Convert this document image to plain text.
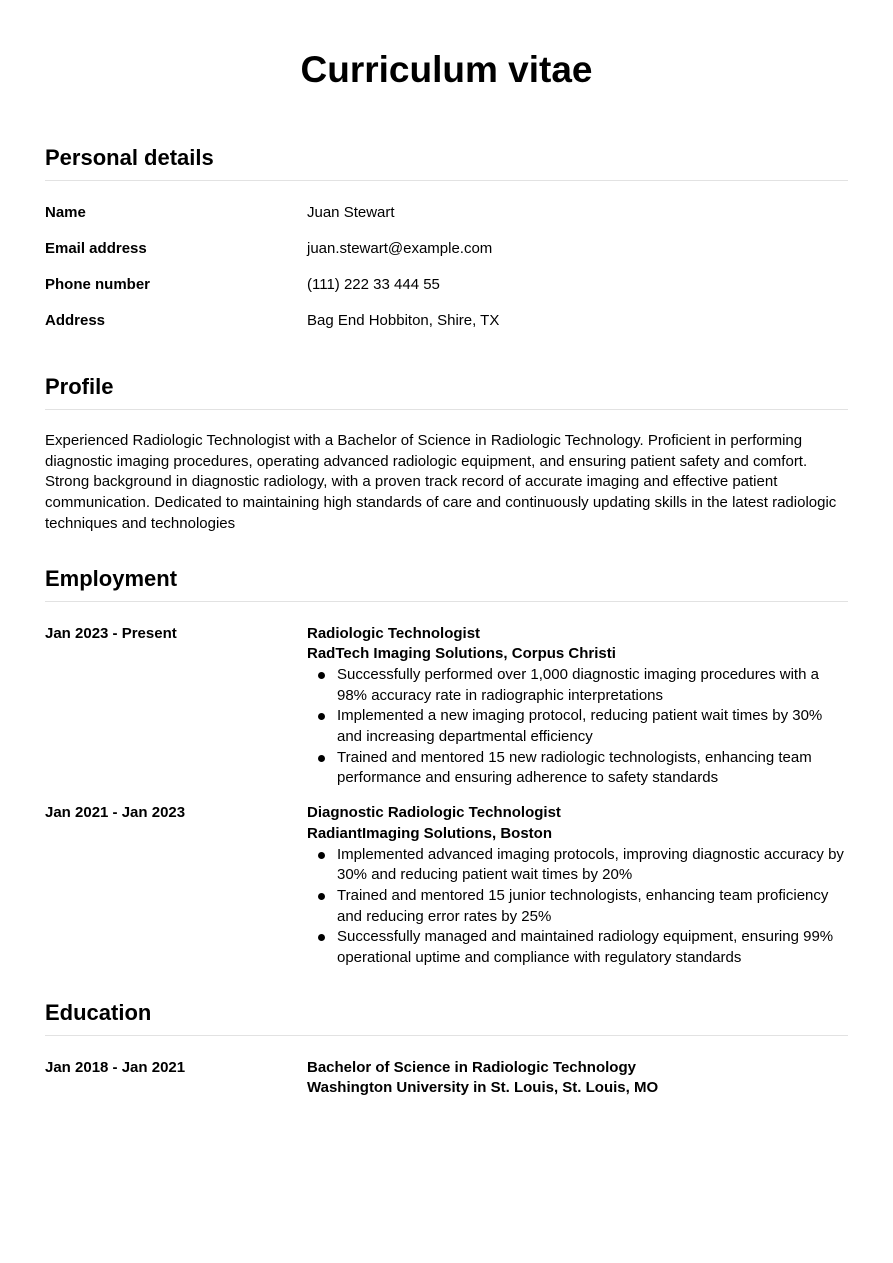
Curriculum vitae
Personal details
Name	Juan Stewart
Email address	juan.stewart@example.com
Phone number	(111) 222 33 444 55
Address	Bag End Hobbiton, Shire, TX
Profile

Experienced Radiologic Technologist with a Bachelor of Science in Radiologic Technology. Proficient in performing diagnostic imaging procedures, operating advanced radiologic equipment, and ensuring patient safety and comfort. Strong background in diagnostic radiology, with a proven track record of accurate imaging and effective patient communication. Dedicated to maintaining high standards of care and continuously updating skills in the latest radiologic techniques and technologies

Employment
Jan 2023 - Present	Radiologic Technologist
RadTech Imaging Solutions, Corpus Christi
Successfully performed over 1,000 diagnostic imaging procedures with a 98% accuracy rate in radiographic interpretations
Implemented a new imaging protocol, reducing patient wait times by 30% and increasing departmental efficiency
Trained and mentored 15 new radiologic technologists, enhancing team performance and ensuring adherence to safety standards
Jan 2021 - Jan 2023	Diagnostic Radiologic Technologist
RadiantImaging Solutions, Boston
Implemented advanced imaging protocols, improving diagnostic accuracy by 30% and reducing patient wait times by 20%
Trained and mentored 15 junior technologists, enhancing team proficiency and reducing error rates by 25%
Successfully managed and maintained radiology equipment, ensuring 99% operational uptime and compliance with regulatory standards
Education
Jan 2018 - Jan 2021	Bachelor of Science in Radiologic Technology
Washington University in St. Louis, St. Louis, MO
